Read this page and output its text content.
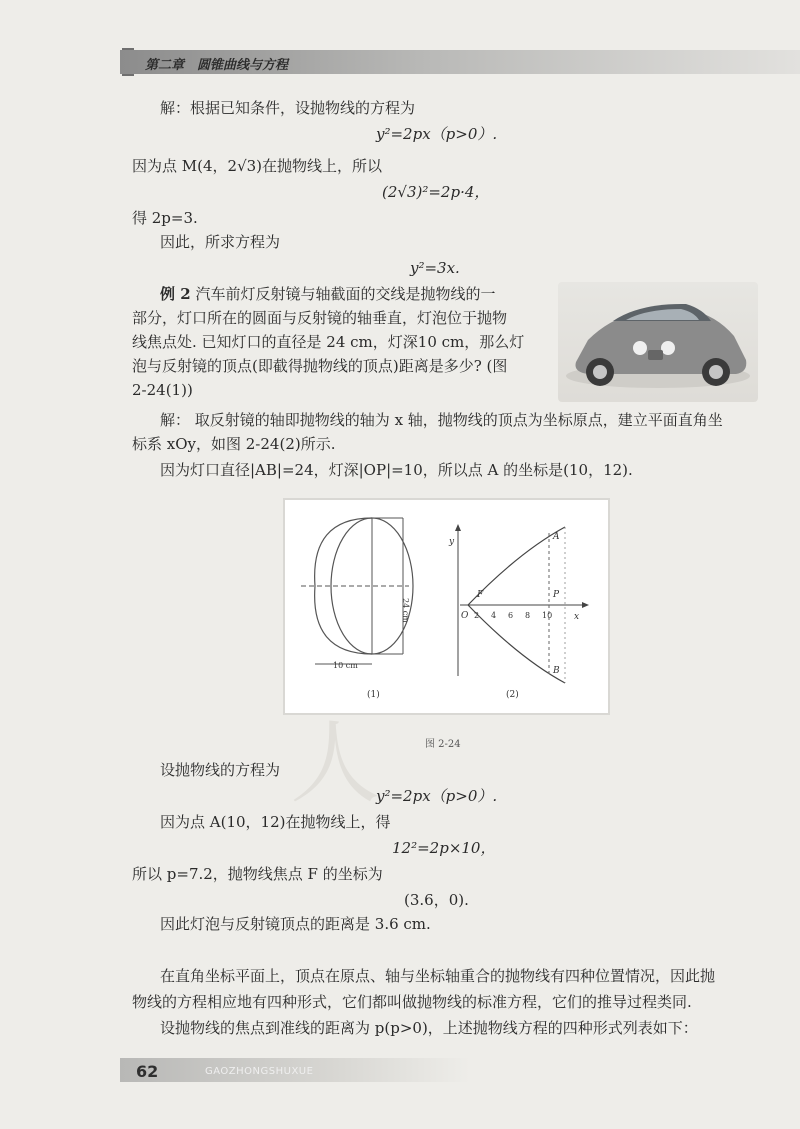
第二章　圆锥曲线与方程
解：根据已知条件，设抛物线的方程为
y²=2px（p>0）.
因为点 M(4，2√3)在抛物线上，所以
(2√3)²=2p·4，
得 2p=3.
因此，所求方程为
y²=3x.
例 2 汽车前灯反射镜与轴截面的交线是抛物线的一
部分，灯口所在的圆面与反射镜的轴垂直，灯泡位于抛物
线焦点处. 已知灯口的直径是 24 cm，灯深10 cm，那么灯
泡与反射镜的顶点(即截得抛物线的顶点)距离是多少? (图
2-24(1))
解： 取反射镜的轴即抛物线的轴为 x 轴，抛物线的顶点为坐标原点，建立平面直角坐
标系 xOy，如图 2-24(2)所示.
因为灯口直径|AB|=24，灯深|OP|=10，所以点 A 的坐标是(10，12).
10 cm
24 cm
y
x
O
F	P
A
B
2 4 6 8 10
(1)	(2)
图 2-24
人
设抛物线的方程为
y²=2px（p>0）.
因为点 A(10，12)在抛物线上，得
12²=2p×10，
所以 p=7.2，抛物线焦点 F 的坐标为
(3.6，0).
因此灯泡与反射镜顶点的距离是 3.6 cm.
在直角坐标平面上，顶点在原点、轴与坐标轴重合的抛物线有四种位置情况，因此抛
物线的方程相应地有四种形式，它们都叫做抛物线的标准方程，它们的推导过程类同.
设抛物线的焦点到准线的距离为 p(p>0)，上述抛物线方程的四种形式列表如下：
62	GAOZHONGSHUXUE
